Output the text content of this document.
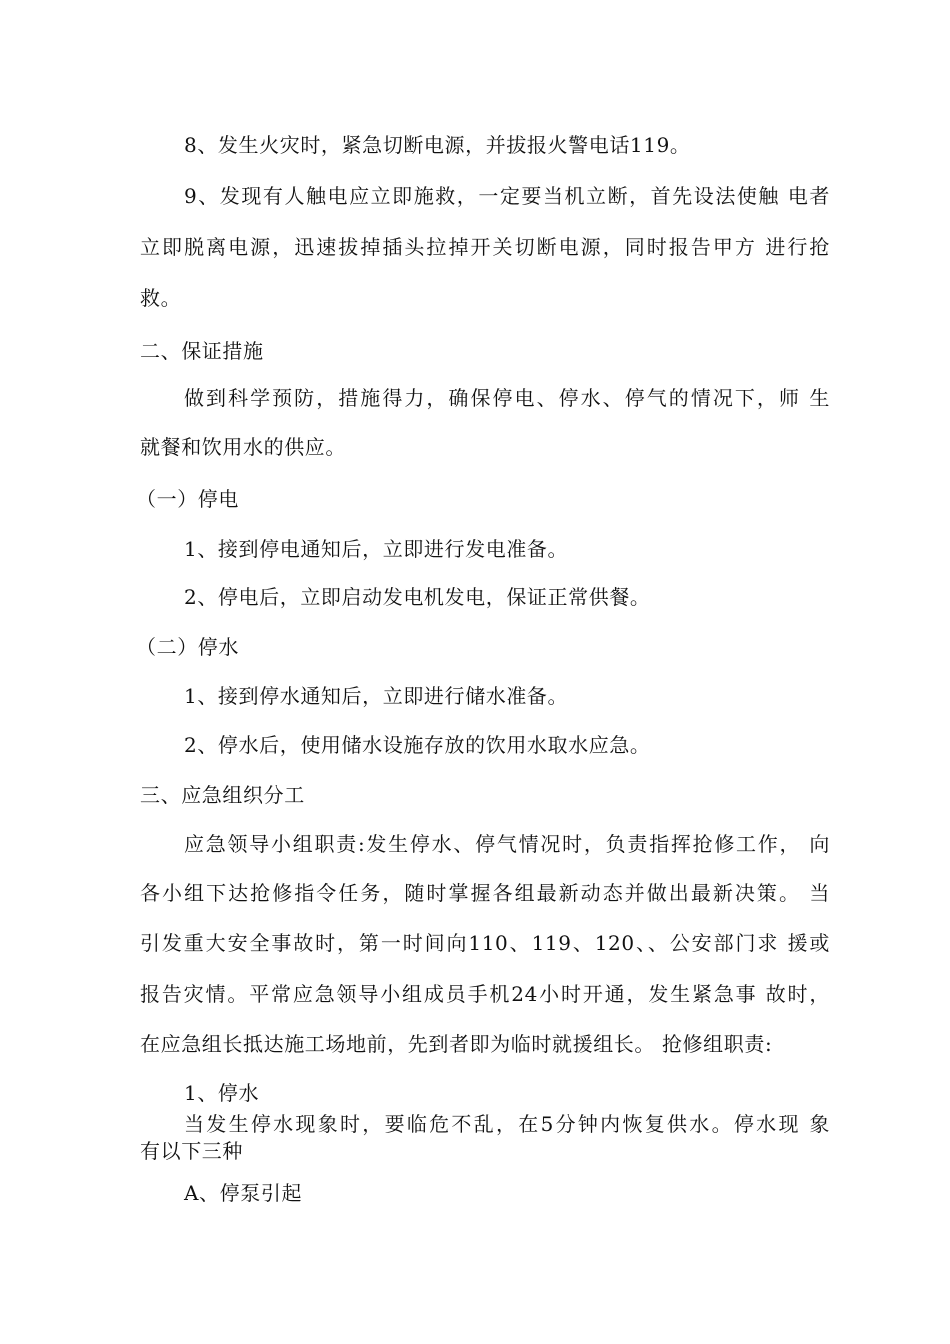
8、发生火灾时，紧急切断电源，并拔报火警电话119。
9、发现有人触电应立即施救，一定要当机立断，首先设法使触 电者
立即脱离电源，迅速拔掉插头拉掉开关切断电源，同时报告甲方 进行抢
救。
二、保证措施
做到科学预防，措施得力，确保停电、停水、停气的情况下，师 生
就餐和饮用水的供应。
（一）停电
1、接到停电通知后，立即进行发电准备。
2、停电后，立即启动发电机发电，保证正常供餐。
（二）停水
1、接到停水通知后，立即进行储水准备。
2、停水后，使用储水设施存放的饮用水取水应急。
三、应急组织分工
应急领导小组职责:发生停水、停气情况时，负责指挥抢修工作， 向
各小组下达抢修指令任务，随时掌握各组最新动态并做出最新决策。 当
引发重大安全事故时，第一时间向110、119、120、、公安部门求 援或
报告灾情。平常应急领导小组成员手机24小时开通，发生紧急事 故时，
在应急组长抵达施工场地前，先到者即为临时就援组长。 抢修组职责:
1、停水
当发生停水现象时，要临危不乱，在5分钟内恢复供水。停水现 象
有以下三种
A、停泵引起
